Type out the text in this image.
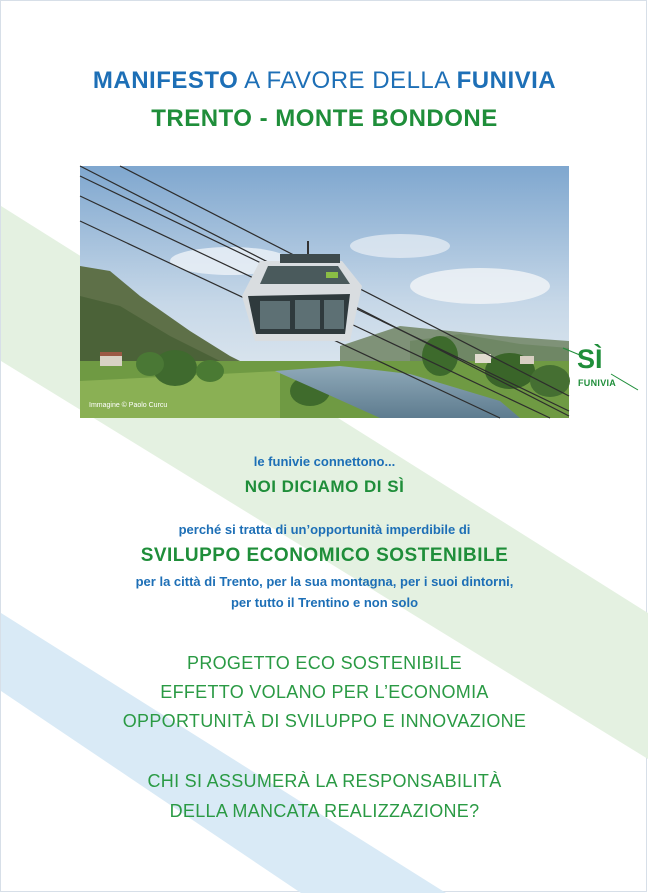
MANIFESTO A FAVORE DELLA FUNIVIA
TRENTO - MONTE BONDONE
SÌ
FUNIVIA
Immagine © Paolo Curcu
le funivie connettono...
NOI DICIAMO DI SÌ
perché si tratta di un’opportunità imperdibile di
SVILUPPO ECONOMICO SOSTENIBILE
per la città di Trento, per la sua montagna, per i suoi dintorni,
per tutto il Trentino e non solo
PROGETTO ECO SOSTENIBILE
EFFETTO VOLANO PER L’ECONOMIA
OPPORTUNITÀ DI SVILUPPO E INNOVAZIONE
CHI SI ASSUMERÀ LA RESPONSABILITÀ
DELLA MANCATA REALIZZAZIONE?
